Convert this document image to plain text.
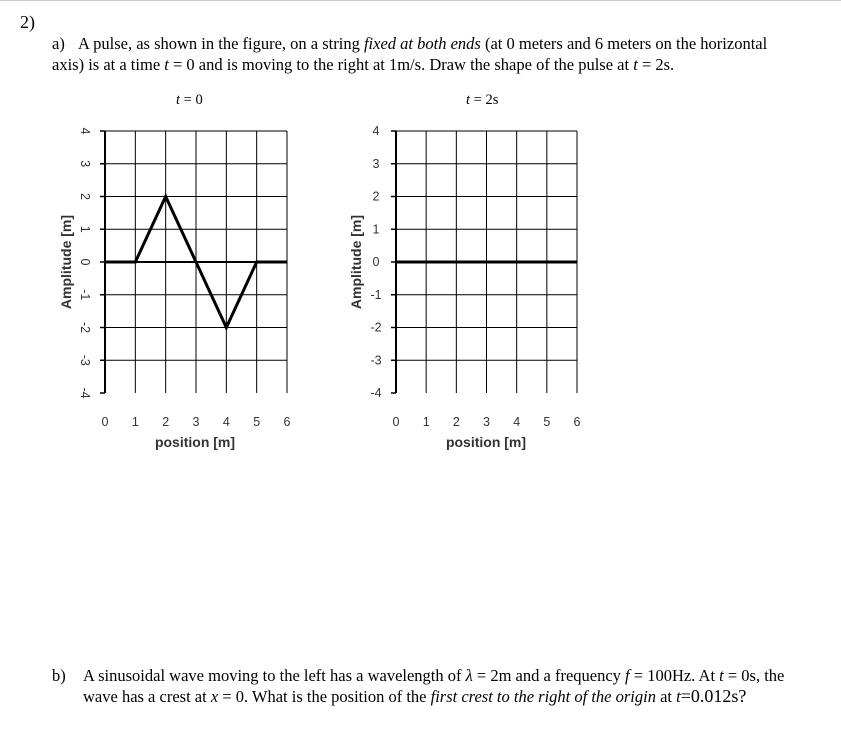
2)
a) A pulse, as shown in the figure, on a string fixed at both ends (at 0 meters and 6 meters on the horizontal
axis) is at a time t = 0 and is moving to the right at 1m/s. Draw the shape of the pulse at t = 2s.
t = 0	t = 2s
4
3
2
1
0
-1
-2
-3
-4
0 1 2 3 4 5 6
position [m]
Amplitude [m]
4
3
2
1
0
-1
-2
-3
-4
0 1 2 3 4 5 6
position [m]
Amplitude [m]
b) A sinusoidal wave moving to the left has a wavelength of λ = 2m and a frequency f = 100Hz. At t = 0s, the
wave has a crest at x = 0. What is the position of the first crest to the right of the origin at t=0.012s?
